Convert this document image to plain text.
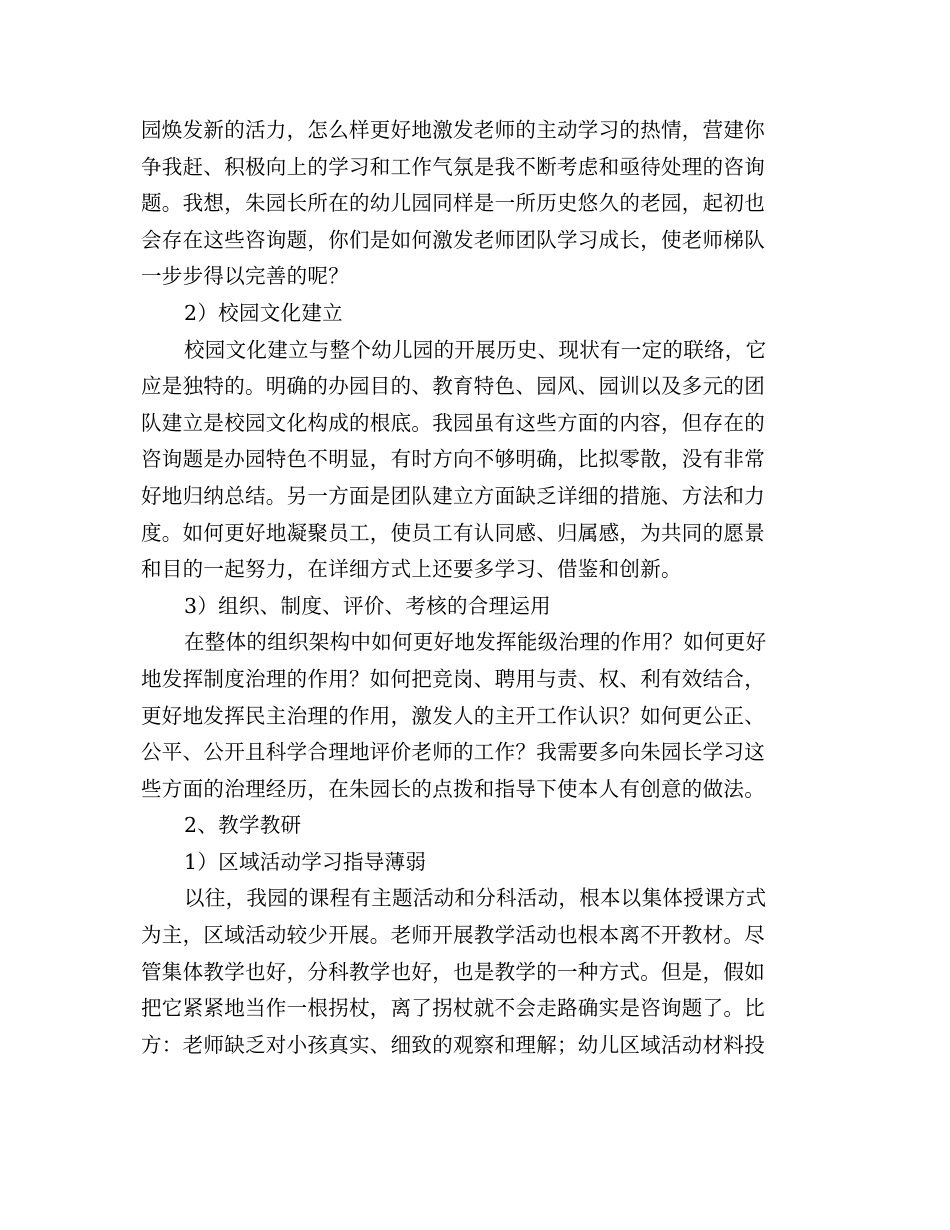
园焕发新的活力，怎么样更好地激发老师的主动学习的热情，营建你
争我赶、积极向上的学习和工作气氛是我不断考虑和亟待处理的咨询
题。我想，朱园长所在的幼儿园同样是一所历史悠久的老园，起初也
会存在这些咨询题，你们是如何激发老师团队学习成长，使老师梯队
一步步得以完善的呢？
2）校园文化建立
校园文化建立与整个幼儿园的开展历史、现状有一定的联络，它
应是独特的。明确的办园目的、教育特色、园风、园训以及多元的团
队建立是校园文化构成的根底。我园虽有这些方面的内容，但存在的
咨询题是办园特色不明显，有时方向不够明确，比拟零散，没有非常
好地归纳总结。另一方面是团队建立方面缺乏详细的措施、方法和力
度。如何更好地凝聚员工，使员工有认同感、归属感，为共同的愿景
和目的一起努力，在详细方式上还要多学习、借鉴和创新。
3）组织、制度、评价、考核的合理运用
在整体的组织架构中如何更好地发挥能级治理的作用？如何更好
地发挥制度治理的作用？如何把竞岗、聘用与责、权、利有效结合，
更好地发挥民主治理的作用，激发人的主开工作认识？如何更公正、
公平、公开且科学合理地评价老师的工作？我需要多向朱园长学习这
些方面的治理经历，在朱园长的点拨和指导下使本人有创意的做法。
2、教学教研
1）区域活动学习指导薄弱
以往，我园的课程有主题活动和分科活动，根本以集体授课方式
为主，区域活动较少开展。老师开展教学活动也根本离不开教材。尽
管集体教学也好，分科教学也好，也是教学的一种方式。但是，假如
把它紧紧地当作一根拐杖，离了拐杖就不会走路确实是咨询题了。比
方：老师缺乏对小孩真实、细致的观察和理解；幼儿区域活动材料投
